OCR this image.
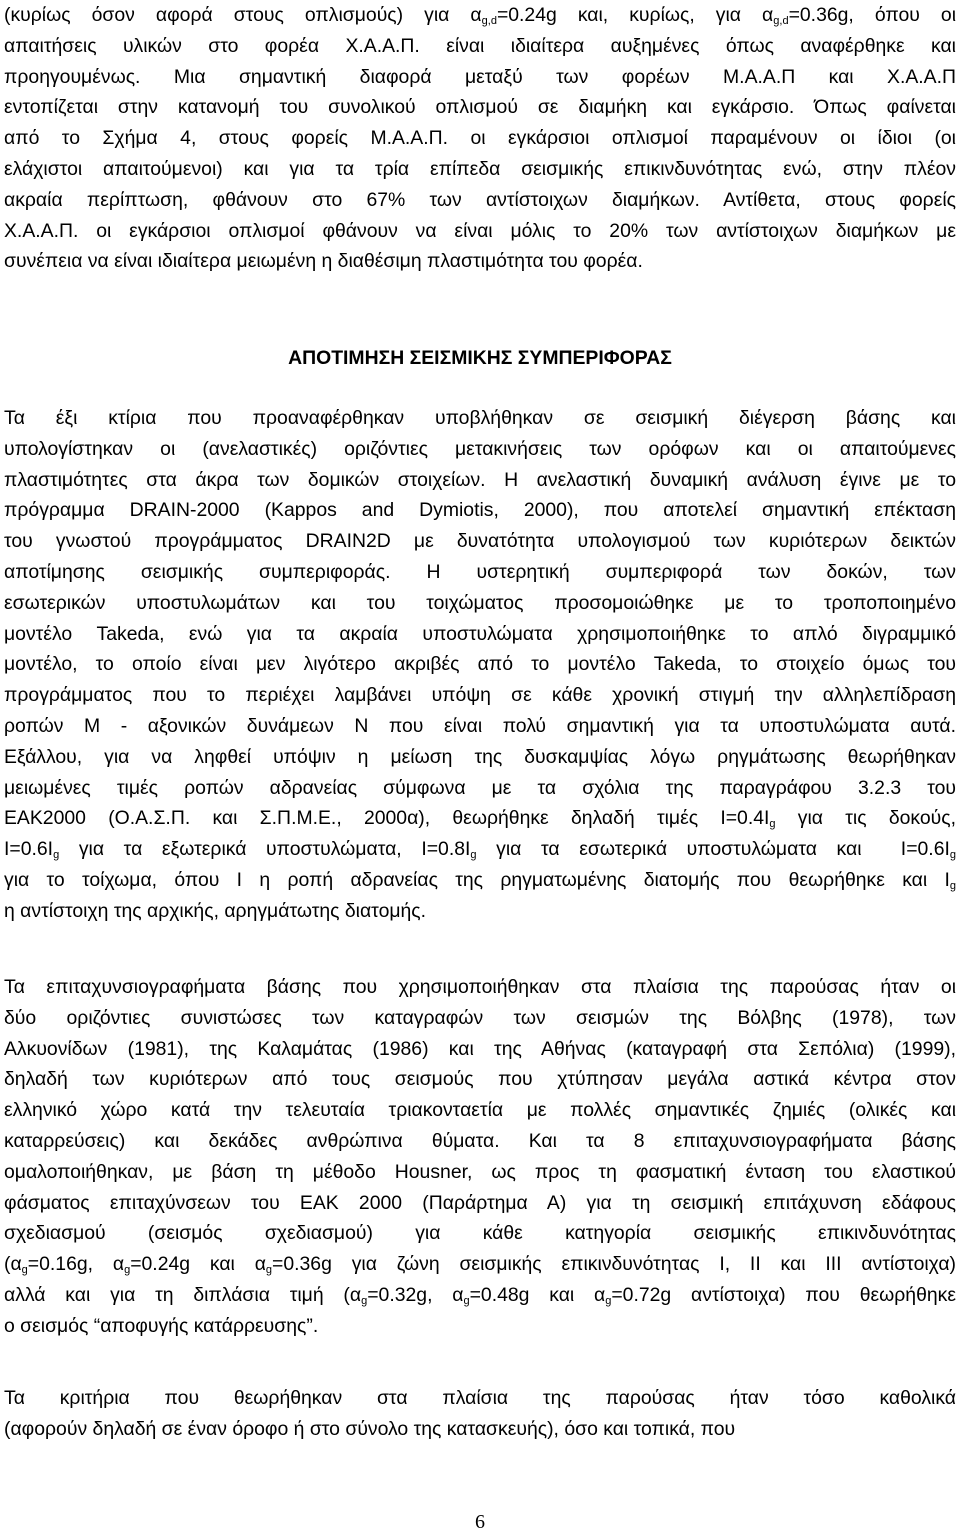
(κυρίως όσον αφορά στους οπλισμούς) για $\alpha_{g,d}=0.24g$ και, κυρίως, για $\alpha_{g,d}=0.36g$, όπου οι
απαιτήσεις υλικών στο φορέα Χ.Α.Α.Π. είναι ιδιαίτερα αυξημένες όπως αναφέρθηκε και
προηγουμένως. Μια σημαντική διαφορά μεταξύ των φορέων Μ.Α.Α.Π και Χ.Α.Α.Π
εντοπίζεται στην κατανομή του συνολικού οπλισμού σε διαμήκη και εγκάρσιο. Όπως φαίνεται
από το Σχήμα 4, στους φορείς Μ.Α.Α.Π. οι εγκάρσιοι οπλισμοί παραμένουν οι ίδιοι (οι
ελάχιστοι απαιτούμενοι) και για τα τρία επίπεδα σεισμικής επικινδυνότητας ενώ, στην πλέον
ακραία περίπτωση, φθάνουν στο 67% των αντίστοιχων διαμήκων. Αντίθετα, στους φορείς
Χ.Α.Α.Π. οι εγκάρσιοι οπλισμοί φθάνουν να είναι μόλις το 20% των αντίστοιχων διαμήκων με
συνέπεια να είναι ιδιαίτερα μειωμένη η διαθέσιμη πλαστιμότητα του φορέα.
ΑΠΟΤΙΜΗΣΗ ΣΕΙΣΜΙΚΗΣ ΣΥΜΠΕΡΙΦΟΡΑΣ
Τα έξι κτίρια που προαναφέρθηκαν υποβλήθηκαν σε σεισμική διέγερση βάσης και
υπολογίστηκαν οι (ανελαστικές) οριζόντιες μετακινήσεις των ορόφων και οι απαιτούμενες
πλαστιμότητες στα άκρα των δομικών στοιχείων. Η ανελαστική δυναμική ανάλυση έγινε με το
πρόγραμμα DRAIN-2000 (Kappos and Dymiotis, 2000), που αποτελεί σημαντική επέκταση
του γνωστού προγράμματος DRAIN2D με δυνατότητα υπολογισμού των κυριότερων δεικτών
αποτίμησης σεισμικής συμπεριφοράς. Η υστερητική συμπεριφορά των δοκών, των
εσωτερικών υποστυλωμάτων και του τοιχώματος προσομοιώθηκε με το τροποποιημένο
μοντέλο Takeda, ενώ για τα ακραία υποστυλώματα χρησιμοποιήθηκε το απλό διγραμμικό
μοντέλο, το οποίο είναι μεν λιγότερο ακριβές από το μοντέλο Takeda, το στοιχείο όμως του
προγράμματος που το περιέχει λαμβάνει υπόψη σε κάθε χρονική στιγμή την αλληλεπίδραση
ροπών Μ - αξονικών δυνάμεων Ν που είναι πολύ σημαντική για τα υποστυλώματα αυτά.
Εξάλλου, για να ληφθεί υπόψιν η μείωση της δυσκαμψίας λόγω ρηγμάτωσης θεωρήθηκαν
μειωμένες τιμές ροπών αδρανείας σύμφωνα με τα σχόλια της παραγράφου 3.2.3 του
ΕΑΚ2000 (Ο.Α.Σ.Π. και Σ.Π.Μ.Ε., 2000α), θεωρήθηκε δηλαδή τιμές $I=0.4I_g$ για τις δοκούς,
$I=0.6I_g$ για τα εξωτερικά υποστυλώματα, $I=0.8I_g$ για τα εσωτερικά υποστυλώματα και  $I=0.6I_g$
για το τοίχωμα, όπου I η ροπή αδρανείας της ρηγματωμένης διατομής που θεωρήθηκε και $I_g$
η αντίστοιχη της αρχικής, αρηγμάτωτης διατομής.
Τα επιταχυνσιογραφήματα βάσης που χρησιμοποιήθηκαν στα πλαίσια της παρούσας ήταν οι
δύο οριζόντιες συνιστώσες των καταγραφών των σεισμών της Βόλβης (1978), των
Αλκυονίδων (1981), της Καλαμάτας (1986) και της Αθήνας (καταγραφή στα Σεπόλια) (1999),
δηλαδή των κυριότερων από τους σεισμούς που χτύπησαν μεγάλα αστικά κέντρα στον
ελληνικό χώρο κατά την τελευταία τριακονταετία με πολλές σημαντικές ζημιές (ολικές και
καταρρεύσεις) και δεκάδες ανθρώπινα θύματα. Και τα 8 επιταχυνσιογραφήματα βάσης
ομαλοποιήθηκαν, με βάση τη μέθοδο Housner, ως προς τη φασματική ένταση του ελαστικού
φάσματος επιταχύνσεων του ΕΑΚ 2000 (Παράρτημα Α) για τη σεισμική επιτάχυνση εδάφους
σχεδιασμού (σεισμός σχεδιασμού) για κάθε κατηγορία σεισμικής επικινδυνότητας
($\alpha_g=0.16g$, $\alpha_g=0.24g$ και $\alpha_g=0.36g$ για ζώνη σεισμικής επικινδυνότητας I, II και III αντίστοιχα)
αλλά και για τη διπλάσια τιμή ($\alpha_g=0.32g$, $\alpha_g=0.48g$ και $\alpha_g=0.72g$ αντίστοιχα) που θεωρήθηκε
ο σεισμός “αποφυγής κατάρρευσης”.
Τα κριτήρια που θεωρήθηκαν στα πλαίσια της παρούσας ήταν τόσο καθολικά
(αφορούν δηλαδή σε έναν όροφο ή στο σύνολο της κατασκευής), όσο και τοπικά, που
6
